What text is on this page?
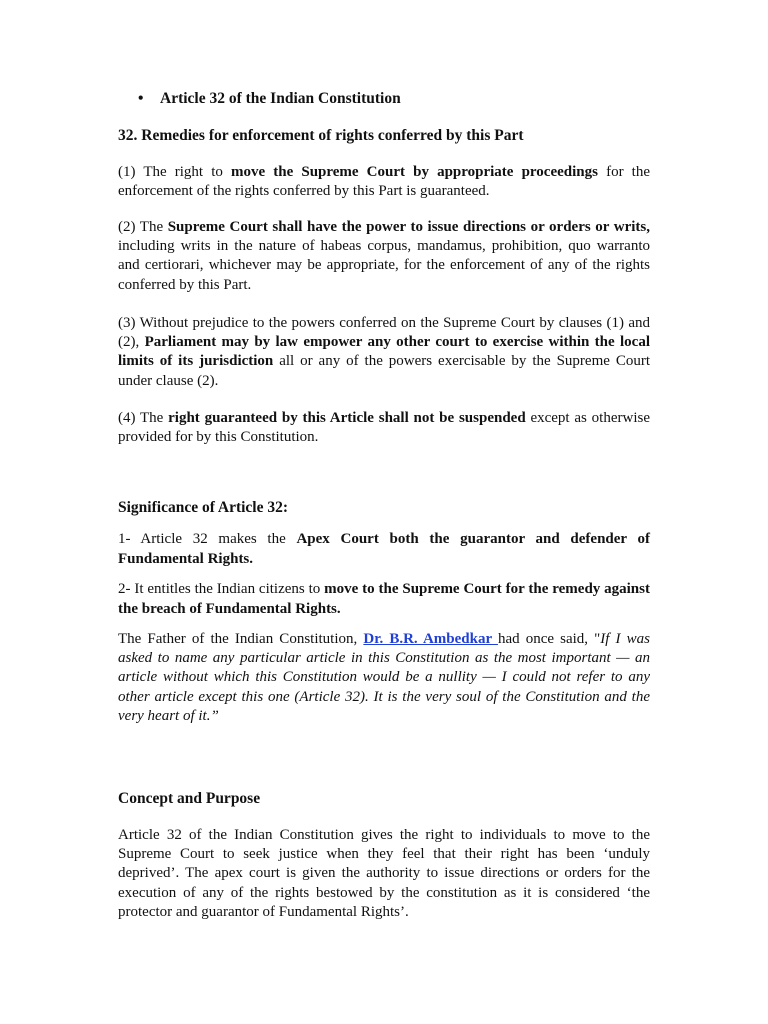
• Article 32 of the Indian Constitution

32. Remedies for enforcement of rights conferred by this Part

(1) The right to move the Supreme Court by appropriate proceedings for the enforcement of the rights conferred by this Part is guaranteed.

(2) The Supreme Court shall have the power to issue directions or orders or writs, including writs in the nature of habeas corpus, mandamus, prohibition, quo warranto and certiorari, whichever may be appropriate, for the enforcement of any of the rights conferred by this Part.

(3) Without prejudice to the powers conferred on the Supreme Court by clauses (1) and (2), Parliament may by law empower any other court to exercise within the local limits of its jurisdiction all or any of the powers exercisable by the Supreme Court under clause (2).

(4) The right guaranteed by this Article shall not be suspended except as otherwise provided for by this Constitution.

Significance of Article 32:

1- Article 32 makes the Apex Court both the guarantor and defender of Fundamental Rights.

2- It entitles the Indian citizens to move to the Supreme Court for the remedy against the breach of Fundamental Rights.

The Father of the Indian Constitution, Dr. B.R. Ambedkar had once said, "If I was asked to name any particular article in this Constitution as the most important — an article without which this Constitution would be a nullity — I could not refer to any other article except this one (Article 32). It is the very soul of the Constitution and the very heart of it.”

Concept and Purpose

Article 32 of the Indian Constitution gives the right to individuals to move to the Supreme Court to seek justice when they feel that their right has been ‘unduly deprived’. The apex court is given the authority to issue directions or orders for the execution of any of the rights bestowed by the constitution as it is considered ‘the protector and guarantor of Fundamental Rights’.
